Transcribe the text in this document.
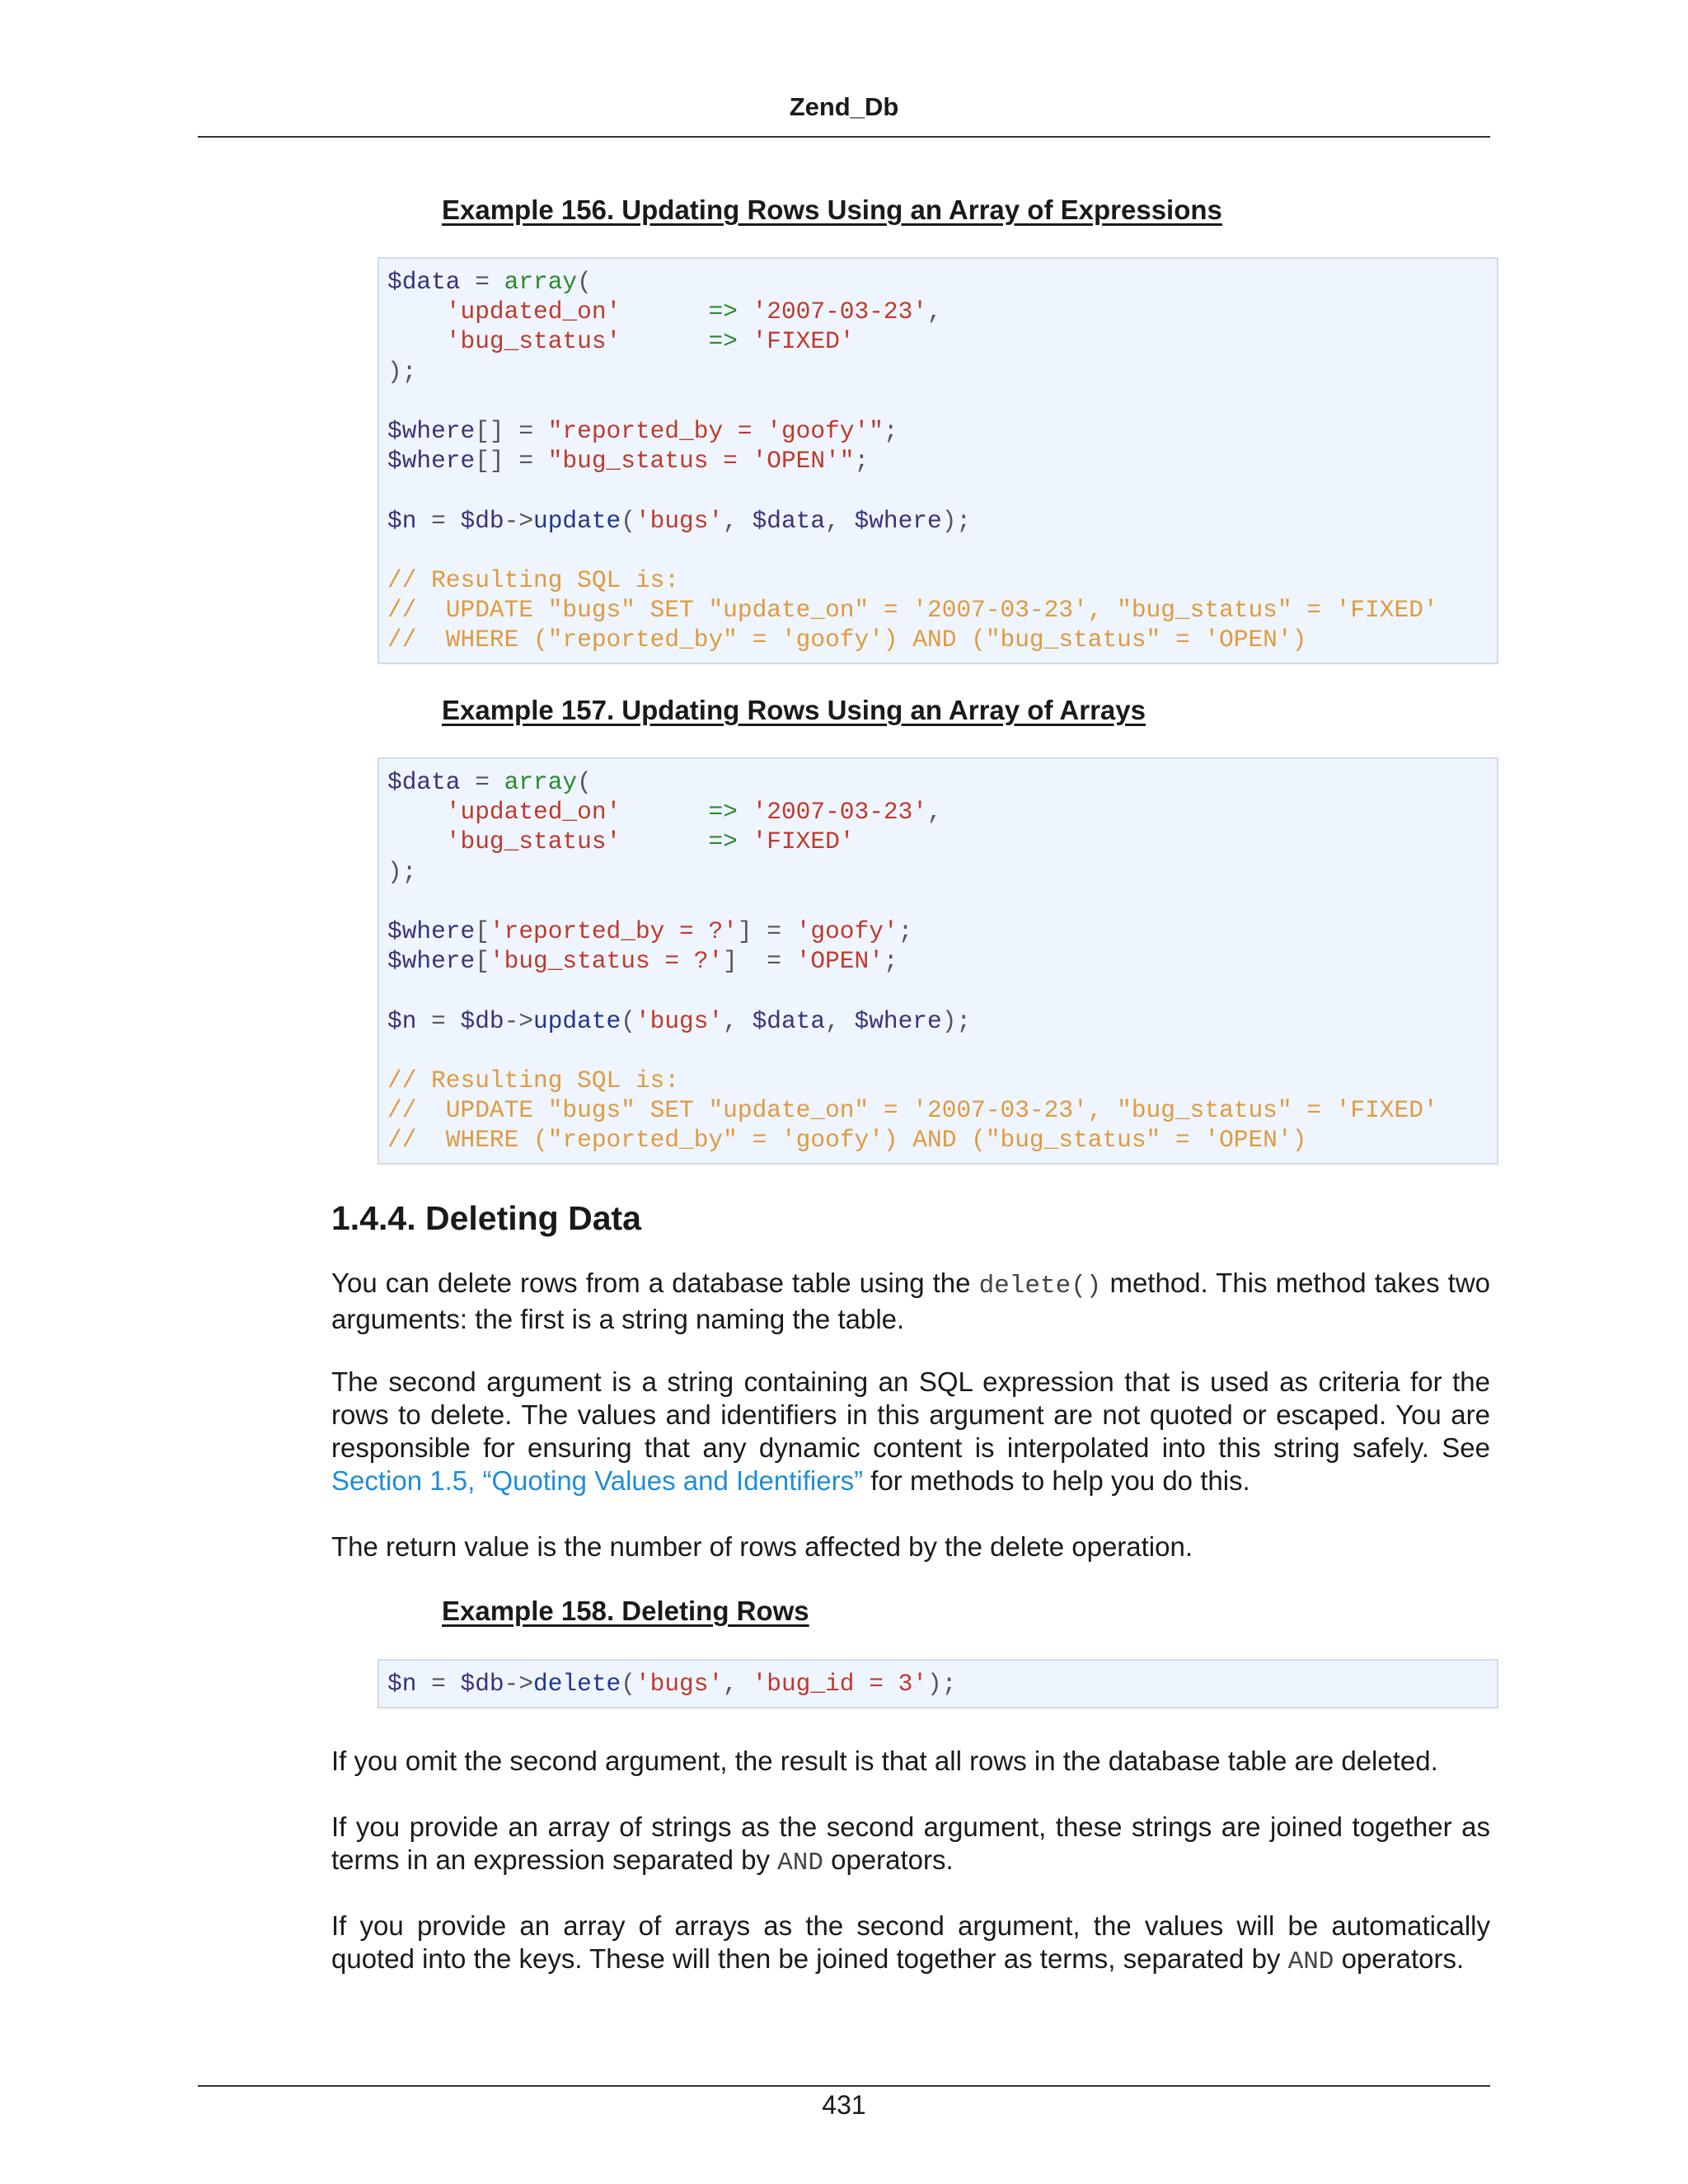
Zend_Db
Example 156. Updating Rows Using an Array of Expressions
$data = array(
'updated_on'	=> '2007-03-23',
'bug_status'	=> 'FIXED'
);

$where[] = "reported_by = 'goofy'";
$where[] = "bug_status = 'OPEN'";

$n = $db->update('bugs', $data, $where);

// Resulting SQL is:
//  UPDATE "bugs" SET "update_on" = '2007-03-23', "bug_status" = 'FIXED'
//  WHERE ("reported_by" = 'goofy') AND ("bug_status" = 'OPEN')
Example 157. Updating Rows Using an Array of Arrays
$data = array(
'updated_on'	=> '2007-03-23',
'bug_status'	=> 'FIXED'
);

$where['reported_by = ?'] = 'goofy';
$where['bug_status = ?']  = 'OPEN';

$n = $db->update('bugs', $data, $where);

// Resulting SQL is:
//  UPDATE "bugs" SET "update_on" = '2007-03-23', "bug_status" = 'FIXED'
//  WHERE ("reported_by" = 'goofy') AND ("bug_status" = 'OPEN')
1.4.4. Deleting Data

You can delete rows from a database table using the delete() method. This method takes two arguments: the first is a string naming the table.

The second argument is a string containing an SQL expression that is used as criteria for the rows to delete. The values and identifiers in this argument are not quoted or escaped. You are responsible for ensuring that any dynamic content is interpolated into this string safely. See Section 1.5, “Quoting Values and Identifiers” for methods to help you do this.

The return value is the number of rows affected by the delete operation.

Example 158. Deleting Rows
$n = $db->delete('bugs', 'bug_id = 3');

If you omit the second argument, the result is that all rows in the database table are deleted.

If you provide an array of strings as the second argument, these strings are joined together as terms in an expression separated by AND operators.

If you provide an array of arrays as the second argument, the values will be automatically quoted into the keys. These will then be joined together as terms, separated by AND operators.

431
